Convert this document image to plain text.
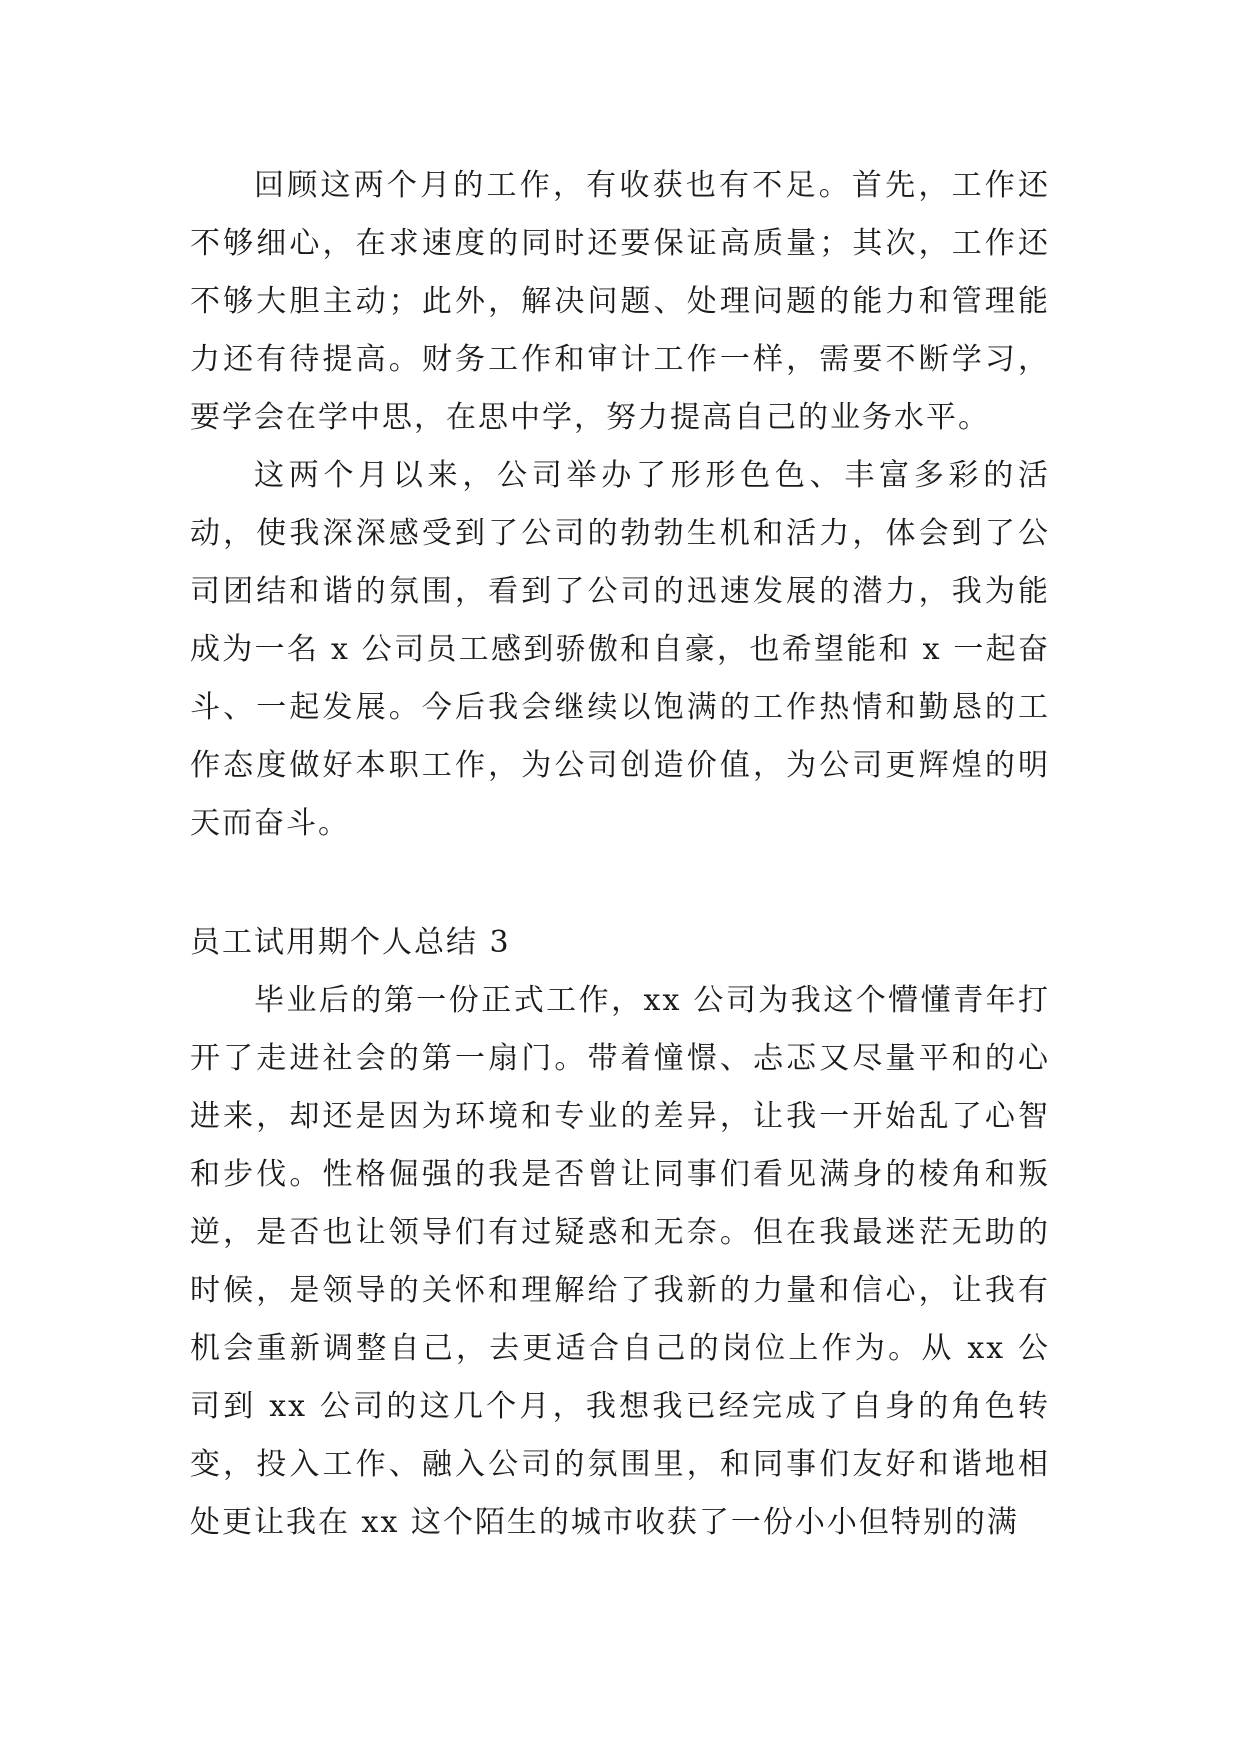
回顾这两个月的工作，有收获也有不足。首先，工作还不够细心，在求速度的同时还要保证高质量；其次，工作还不够大胆主动；此外，解决问题、处理问题的能力和管理能力还有待提高。财务工作和审计工作一样，需要不断学习，要学会在学中思，在思中学，努力提高自己的业务水平。

这两个月以来，公司举办了形形色色、丰富多彩的活动，使我深深感受到了公司的勃勃生机和活力，体会到了公司团结和谐的氛围，看到了公司的迅速发展的潜力，我为能成为一名 x 公司员工感到骄傲和自豪，也希望能和 x 一起奋斗、一起发展。今后我会继续以饱满的工作热情和勤恳的工作态度做好本职工作，为公司创造价值，为公司更辉煌的明天而奋斗。

员工试用期个人总结 3

毕业后的第一份正式工作，xx 公司为我这个懵懂青年打开了走进社会的第一扇门。带着憧憬、忐忑又尽量平和的心进来，却还是因为环境和专业的差异，让我一开始乱了心智和步伐。性格倔强的我是否曾让同事们看见满身的棱角和叛逆，是否也让领导们有过疑惑和无奈。但在我最迷茫无助的时候，是领导的关怀和理解给了我新的力量和信心，让我有机会重新调整自己，去更适合自己的岗位上作为。从 xx 公司到 xx 公司的这几个月，我想我已经完成了自身的角色转变，投入工作、融入公司的氛围里，和同事们友好和谐地相处更让我在 xx 这个陌生的城市收获了一份小小但特别的满
